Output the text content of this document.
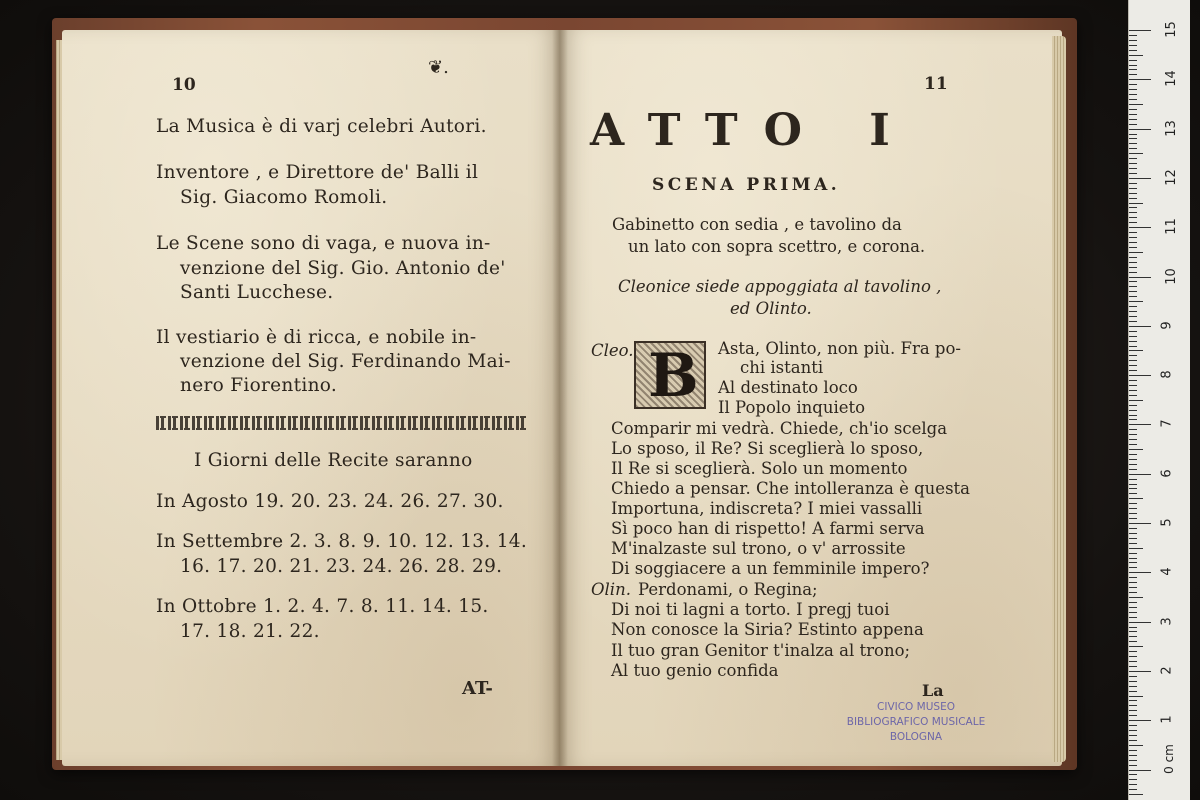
10
❦.
La Musica è di varj celebri Autori.
Inventore , e Direttore de' Balli il
Sig. Giacomo Romoli.
Le Scene sono di vaga, e nuova in-
venzione del Sig. Gio. Antonio de'
Santi Lucchese.
Il vestiario è di ricca, e nobile in-
venzione del Sig. Ferdinando Mai-
nero Fiorentino.
I Giorni delle Recite saranno
In Agosto 19. 20. 23. 24. 26. 27. 30.
In Settembre 2. 3. 8. 9. 10. 12. 13. 14.
16. 17. 20. 21. 23. 24. 26. 28. 29.
In Ottobre 1. 2. 4. 7. 8. 11. 14. 15.
17. 18. 21. 22.
AT-
11
ATTO I
SCENA PRIMA.
Gabinetto con sedia , e tavolino da
un lato con sopra scettro, e corona.
Cleonice siede appoggiata al tavolino ,
ed Olinto.
Cleo. B Asta, Olinto, non più. Fra po-
chi istanti
Al destinato loco
Il Popolo inquieto
Comparir mi vedrà. Chiede, ch'io scelga
Lo sposo, il Re? Si sceglierà lo sposo,
Il Re si sceglierà. Solo un momento
Chiedo a pensar. Che intolleranza è questa
Importuna, indiscreta? I miei vassalli
Sì poco han di rispetto! A farmi serva
M'inalzaste sul trono, o v' arrossite
Di soggiacere a un femminile impero?
Olin. Perdonami, o Regina;
Di noi ti lagni a torto. I pregj tuoi
Non conosce la Siria? Estinto appena
Il tuo gran Genitor t'inalza al trono;
Al tuo genio confida
La
CIVICO MUSEO
BIBLIOGRAFICO MUSICALE
BOLOGNA
15
14
13
12
11
10
9
8
7
6
5
4
3
2
1
0 cm
